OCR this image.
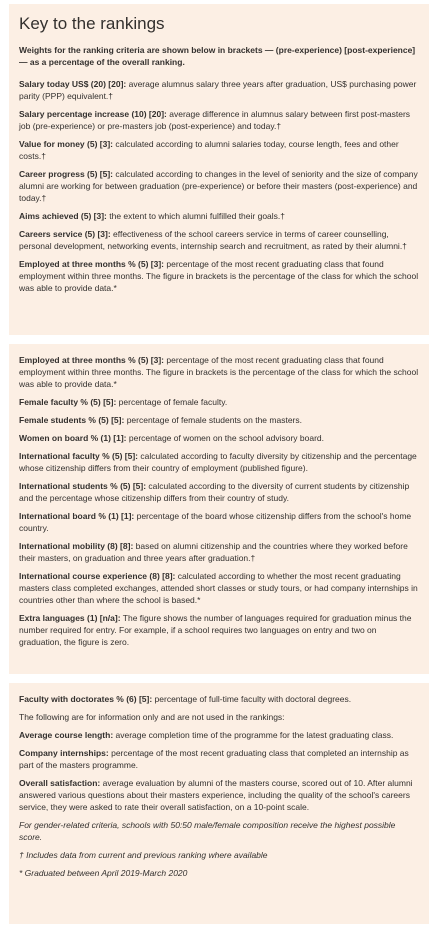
Key to the rankings

Weights for the ranking criteria are shown below in brackets — (pre-experience) [post-experience] — as a percentage of the overall ranking.

Salary today US$ (20) [20]: average alumnus salary three years after graduation, US$ purchasing power parity (PPP) equivalent.†

Salary percentage increase (10) [20]: average difference in alumnus salary between first post-masters job (pre-experience) or pre-masters job (post-experience) and today.†

Value for money (5) [3]: calculated according to alumni salaries today, course length, fees and other costs.†

Career progress (5) [5]: calculated according to changes in the level of seniority and the size of company alumni are working for between graduation (pre-experience) or before their masters (post-experience) and today.†

Aims achieved (5) [3]: the extent to which alumni fulfilled their goals.†

Careers service (5) [3]: effectiveness of the school careers service in terms of career counselling, personal development, networking events, internship search and recruitment, as rated by their alumni.†

Employed at three months % (5) [3]: percentage of the most recent graduating class that found employment within three months. The figure in brackets is the percentage of the class for which the school was able to provide data.*

Employed at three months % (5) [3]: percentage of the most recent graduating class that found employment within three months. The figure in brackets is the percentage of the class for which the school was able to provide data.*

Female faculty % (5) [5]: percentage of female faculty.

Female students % (5) [5]: percentage of female students on the masters.

Women on board % (1) [1]: percentage of women on the school advisory board.

International faculty % (5) [5]: calculated according to faculty diversity by citizenship and the percentage whose citizenship differs from their country of employment (published figure).

International students % (5) [5]: calculated according to the diversity of current students by citizenship and the percentage whose citizenship differs from their country of study.

International board % (1) [1]: percentage of the board whose citizenship differs from the school's home country.

International mobility (8) [8]: based on alumni citizenship and the countries where they worked before their masters, on graduation and three years after graduation.†

International course experience (8) [8]: calculated according to whether the most recent graduating masters class completed exchanges, attended short classes or study tours, or had company internships in countries other than where the school is based.*

Extra languages (1) [n/a]: The figure shows the number of languages required for graduation minus the number required for entry. For example, if a school requires two languages on entry and two on graduation, the figure is zero.

Faculty with doctorates % (6) [5]: percentage of full-time faculty with doctoral degrees.

The following are for information only and are not used in the rankings:

Average course length: average completion time of the programme for the latest graduating class.

Company internships: percentage of the most recent graduating class that completed an internship as part of the masters programme.

Overall satisfaction: average evaluation by alumni of the masters course, scored out of 10. After alumni answered various questions about their masters experience, including the quality of the school's careers service, they were asked to rate their overall satisfaction, on a 10-point scale.

For gender-related criteria, schools with 50:50 male/female composition receive the highest possible score.

† Includes data from current and previous ranking where available

* Graduated between April 2019-March 2020
